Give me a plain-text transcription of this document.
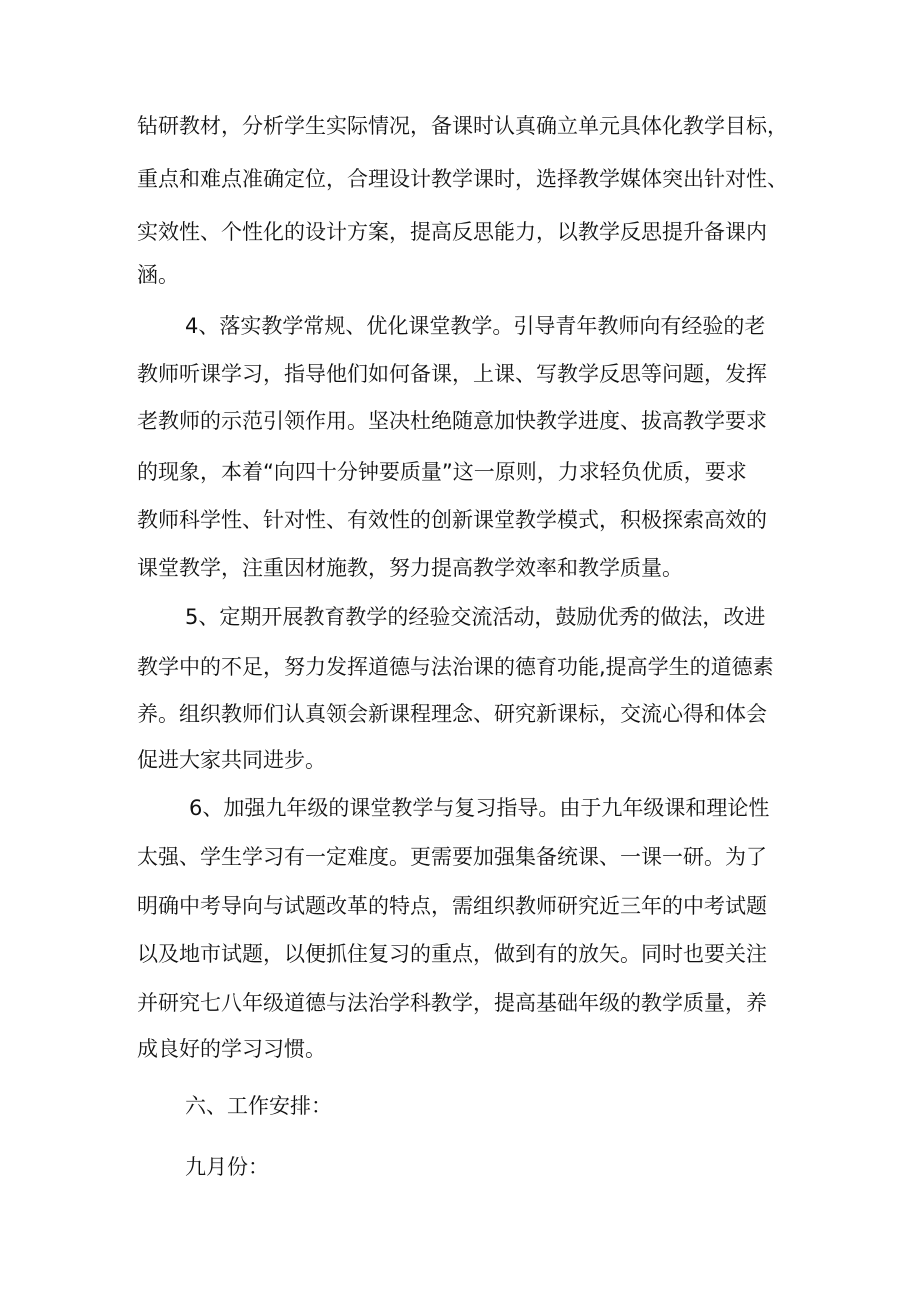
钻研教材，分析学生实际情况，备课时认真确立单元具体化教学目标，
重点和难点准确定位，合理设计教学课时，选择教学媒体突出针对性、
实效性、个性化的设计方案，提高反思能力，以教学反思提升备课内
涵。
4、落实教学常规、优化课堂教学。引导青年教师向有经验的老
教师听课学习，指导他们如何备课，上课、写教学反思等问题，发挥
老教师的示范引领作用。坚决杜绝随意加快教学进度、拔高教学要求
的现象，本着“向四十分钟要质量”这一原则，力求轻负优质，要求
教师科学性、针对性、有效性的创新课堂教学模式，积极探索高效的
课堂教学，注重因材施教，努力提高教学效率和教学质量。
5、定期开展教育教学的经验交流活动，鼓励优秀的做法，改进
教学中的不足，努力发挥道德与法治课的德育功能,提高学生的道德素
养。组织教师们认真领会新课程理念、研究新课标，交流心得和体会
促进大家共同进步。
6、加强九年级的课堂教学与复习指导。由于九年级课和理论性
太强、学生学习有一定难度。更需要加强集备统课、一课一研。为了
明确中考导向与试题改革的特点，需组织教师研究近三年的中考试题
以及地市试题，以便抓住复习的重点，做到有的放矢。同时也要关注
并研究七八年级道德与法治学科教学，提高基础年级的教学质量，养
成良好的学习习惯。
六、工作安排：
九月份：
